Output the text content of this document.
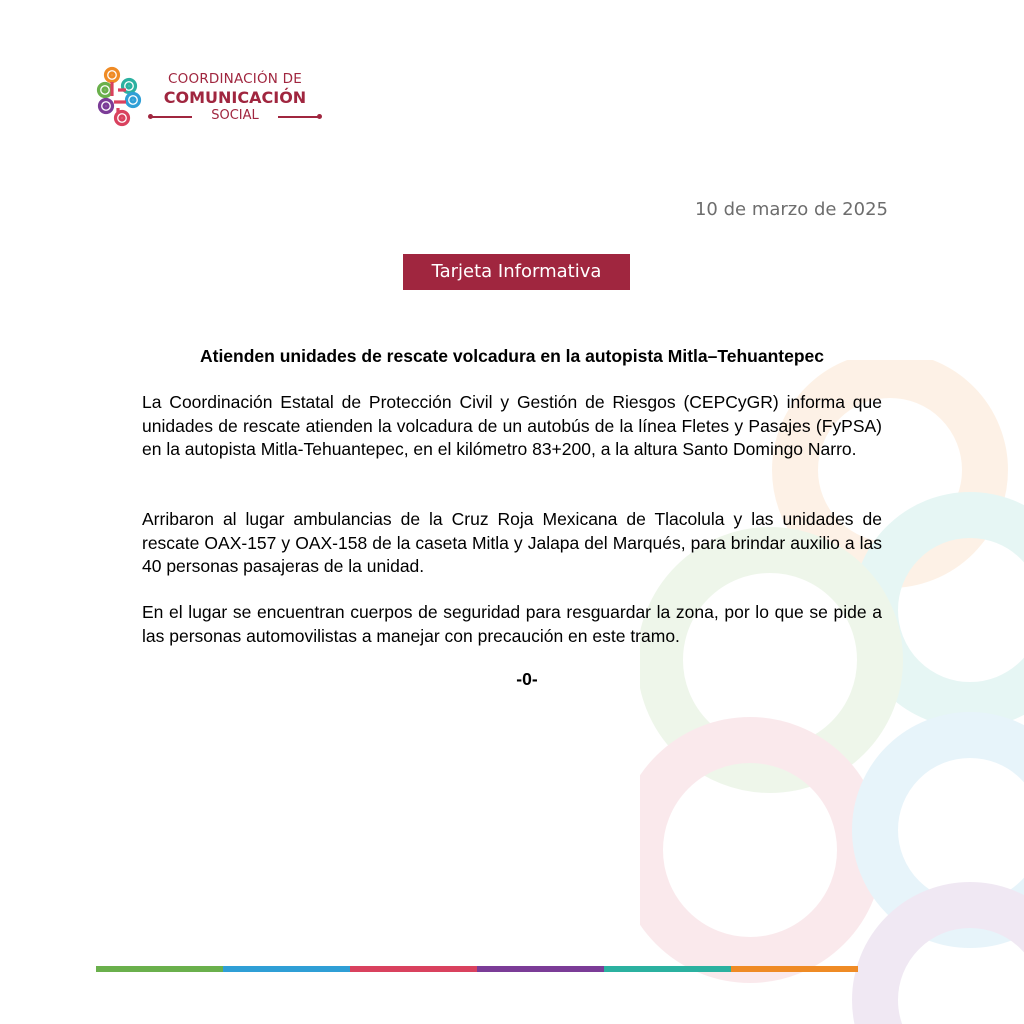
COORDINACIÓN DE
COMUNICACIÓN
SOCIAL
10 de marzo de 2025
Tarjeta Informativa
Atienden unidades de rescate volcadura en la autopista Mitla–Tehuantepec

La Coordinación Estatal de Protección Civil y Gestión de Riesgos (CEPCyGR) informa que unidades de rescate atienden la volcadura de un autobús de la línea Fletes y Pasajes (FyPSA) en la autopista Mitla-Tehuantepec, en el kilómetro 83+200, a la altura Santo Domingo Narro.

Arribaron al lugar ambulancias de la Cruz Roja Mexicana de Tlacolula y las unidades de rescate OAX-157 y OAX-158 de la caseta Mitla y Jalapa del Marqués, para brindar auxilio a las 40 personas pasajeras de la unidad.

En el lugar se encuentran cuerpos de seguridad para resguardar la zona, por lo que se pide a las personas automovilistas a manejar con precaución en este tramo.

-0-
